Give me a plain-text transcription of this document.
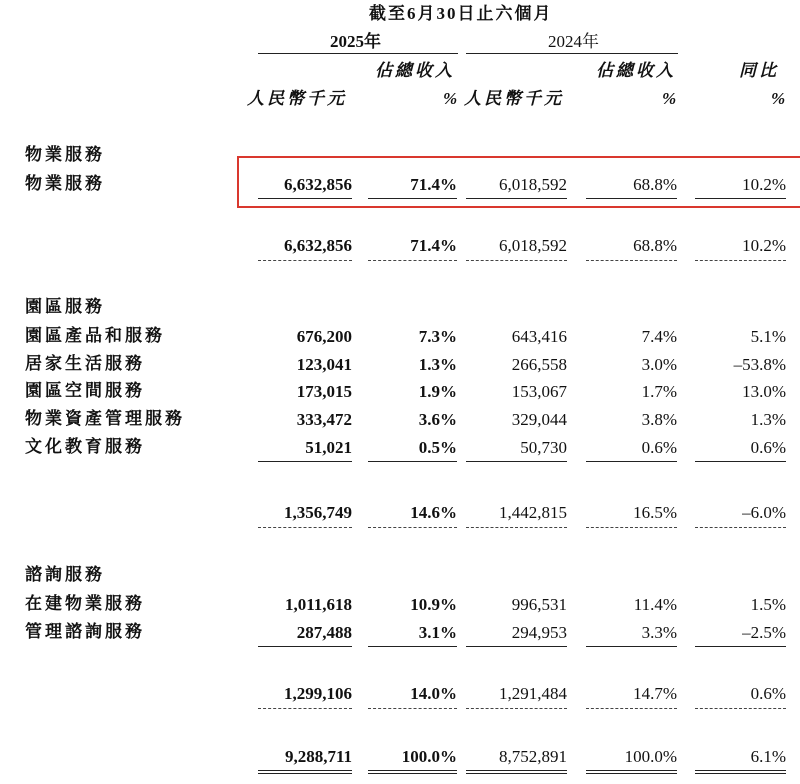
截至6月30日止六個月
2025年	2024年
佔總收入	佔總收入	同比
人民幣千元	% 人民幣千元	%	%
物業服務
物業服務	6,632,856	71.4% 6,018,592	68.8%	10.2%
6,632,856	71.4% 6,018,592	68.8%	10.2%
園區服務
園區產品和服務	676,200	7.3%	643,416	7.4%	5.1%
居家生活服務	123,041	1.3%	266,558	3.0%	–53.8%
園區空間服務	173,015	1.9%	153,067	1.7%	13.0%
物業資產管理服務	333,472	3.6%	329,044	3.8%	1.3%
文化教育服務	51,021	0.5%	50,730	0.6%	0.6%
1,356,749	14.6% 1,442,815	16.5%	–6.0%
諮詢服務
在建物業服務	1,011,618	10.9%	996,531	11.4%	1.5%
管理諮詢服務	287,488	3.1%	294,953	3.3%	–2.5%
1,299,106	14.0% 1,291,484	14.7%	0.6%
9,288,711	100.0% 8,752,891	100.0%	6.1%
